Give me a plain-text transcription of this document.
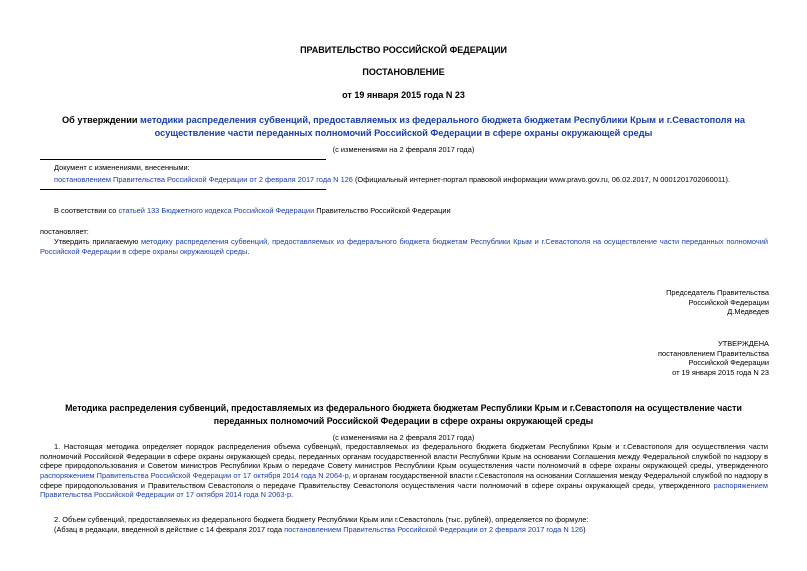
ПРАВИТЕЛЬСТВО РОССИЙСКОЙ ФЕДЕРАЦИИ
ПОСТАНОВЛЕНИЕ
от 19 января 2015 года N 23
Об утверждении методики распределения субвенций, предоставляемых из федерального бюджета бюджетам Республики Крым и г.Севастополя на осуществление части переданных полномочий Российской Федерации в сфере охраны окружающей среды
(с изменениями на 2 февраля 2017 года)
Документ с изменениями, внесенными:
постановлением Правительства Российской Федерации от 2 февраля 2017 года N 126 (Официальный интернет-портал правовой информации www.pravo.gov.ru, 06.02.2017, N 0001201702060011).
В соответствии со статьей 133 Бюджетного кодекса Российской Федерации Правительство Российской Федерации
постановляет:
Утвердить прилагаемую методику распределения субвенций, предоставляемых из федерального бюджета бюджетам Республики Крым и г.Севастополя на осуществление части переданных полномочий Российской Федерации в сфере охраны окружающей среды.
Председатель Правительства
Российской Федерации
Д.Медведев
УТВЕРЖДЕНА
постановлением Правительства
Российской Федерации
от 19 января 2015 года N 23
Методика распределения субвенций, предоставляемых из федерального бюджета бюджетам Республики Крым и г.Севастополя на осуществление части переданных полномочий Российской Федерации в сфере охраны окружающей среды
(с изменениями на 2 февраля 2017 года)
1. Настоящая методика определяет порядок распределения объема субвенций, предоставляемых из федерального бюджета бюджетам Республики Крым и г.Севастополя для осуществления части полномочий Российской Федерации в сфере охраны окружающей среды, переданных органам государственной власти Республики Крым на основании Соглашения между Федеральной службой по надзору в сфере природопользования и Советом министров Республики Крым о передаче Совету министров Республики Крым осуществления части полномочий в сфере охраны окружающей среды, утвержденного распоряжением Правительства Российской Федерации от 17 октября 2014 года N 2064-р, и органам государственной власти г.Севастополя на основании Соглашения между Федеральной службой по надзору в сфере природопользования и Правительством Севастополя о передаче Правительству Севастополя осуществления части полномочий в сфере охраны окружающей среды, утвержденного распоряжением Правительства Российской Федерации от 17 октября 2014 года N 2063-р.
2. Объем субвенций, предоставляемых из федерального бюджета бюджету Республики Крым или г.Севастополь (тыс. рублей), определяется по формуле:
(Абзац в редакции, введенной в действие с 14 февраля 2017 года постановлением Правительства Российской Федерации от 2 февраля 2017 года N 126)
